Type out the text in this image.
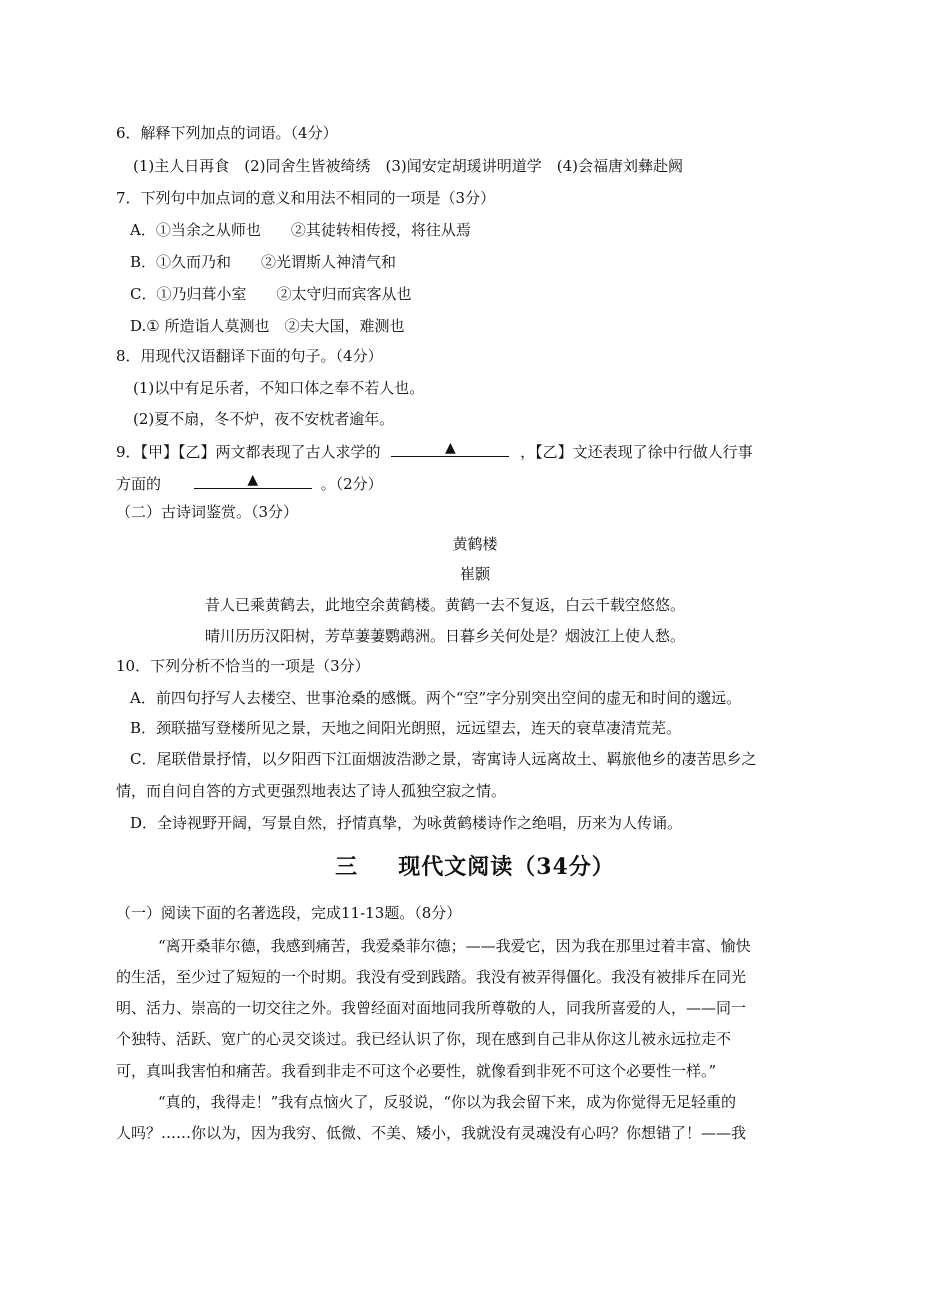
6．解释下列加点的词语。（4分）
(1)主人日再食　(2)同舍生皆被绮绣　(3)闻安定胡瑗讲明道学　(4)会福唐刘彝赴阙
7．下列句中加点词的意义和用法不相同的一项是（3分）
A．①当余之从师也　　②其徒转相传授，将往从焉
B．①久而乃和　　②光谓斯人神清气和
C．①乃归葺小室　　②太守归而宾客从也
D.① 所造诣人莫测也　②夫大国，难测也
8．用现代汉语翻译下面的句子。（4分）
(1)以中有足乐者，不知口体之奉不若人也。
(2)夏不扇，冬不炉，夜不安枕者逾年。
9．【甲】【乙】两文都表现了古人求学的	▲	，【乙】文还表现了徐中行做人行事
方面的	▲	。（2分）
（二）古诗词鉴赏。（3分）
黄鹤楼
崔颢
昔人已乘黄鹤去，此地空余黄鹤楼。黄鹤一去不复返，白云千载空悠悠。
晴川历历汉阳树，芳草萋萋鹦鹉洲。日暮乡关何处是？烟波江上使人愁。
10．下列分析不恰当的一项是（3分）
A．前四句抒写人去楼空、世事沧桑的感慨。两个“空”字分别突出空间的虚无和时间的邈远。
B．颈联描写登楼所见之景，天地之间阳光朗照，远远望去，连天的衰草凄清荒芜。
C．尾联借景抒情，以夕阳西下江面烟波浩渺之景，寄寓诗人远离故土、羁旅他乡的凄苦思乡之
情，而自问自答的方式更强烈地表达了诗人孤独空寂之情。
D．全诗视野开阔，写景自然，抒情真挚，为咏黄鹤楼诗作之绝唱，历来为人传诵。
三 现代文阅读（34分）
（一）阅读下面的名著选段，完成11-13题。（8分）
“离开桑菲尔德，我感到痛苦，我爱桑菲尔德；——我爱它，因为我在那里过着丰富、愉快
的生活，至少过了短短的一个时期。我没有受到践踏。我没有被弄得僵化。我没有被排斥在同光
明、活力、崇高的一切交往之外。我曾经面对面地同我所尊敬的人，同我所喜爱的人，——同一
个独特、活跃、宽广的心灵交谈过。我已经认识了你，现在感到自己非从你这儿被永远拉走不
可，真叫我害怕和痛苦。我看到非走不可这个必要性，就像看到非死不可这个必要性一样。”
“真的，我得走！”我有点恼火了，反驳说，“你以为我会留下来，成为你觉得无足轻重的
人吗？……你以为，因为我穷、低微、不美、矮小，我就没有灵魂没有心吗？你想错了！——我
